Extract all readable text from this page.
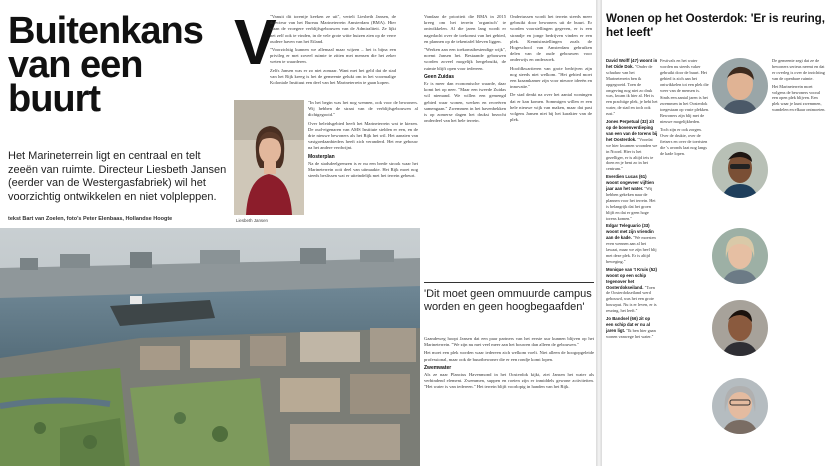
Buitenkans van een buurt
Het Marineterrein ligt en centraal en telt zeeën van ruimte. Directeur Liesbeth Jansen (eerder van de Westergasfabriek) wil het voorzichtig ontwikkelen en niet volpleppen.
tekst Bart van Zoelen, foto's Peter Elenbaas, Hollandse Hoogte
V

"Vanuit dit torentje keeken ze uit", vertelt Liesbeth Jansen, de directeur van het Bureau Marineterrein Amsterdam (BMA). Hier staan de vroegere verblijfsgebouwen van de Admiraliteit. Ze lijkt het zelf ook te vinden, in de vele grote witte huizen zien op de verre oudere haven van het Eiland.

"Voorzichtig kunnen we allemaal maar wijzen – het is bijna een privileg er met zoveel ruimte te zitten met mensen die het zeker weten te waarderen.

Zelfs Jansen was er zo niet zomaar. Want met het geld dat de stad van het Rijk kreeg is het de gemeente gelukt om in het voormalige Koloniale Instituut een deel van het Marineterrein te gaan kopen.

Liesbeth Jansen

"In het begin was het nog wennen, ook voor de bewoners. Wij hebben de straat van de verblijfsgebouwen al dichtgegooid."

Over beleidsgebied heeft het Marineterrein wat te kiezen. De oud-eigenaren van AMS Institute stelden er een, en de drie nieuwe bewoners als het Rijk het wil. Het aanzien van vastgoedaanbieders heeft zich veranderd. Het ene gebouw na het andere verdwijnt.

Mosterplan

Na de stadsdeelgrenzen is er nu een brede strook waar het Marineterrein ooit deel van uitmaakte. Het Rijk moet nog steeds beslissen wat er uiteindelijk met het terrein gebeurt.

Vandaar de prioriteit die BMA in 2015 kreeg om het terrein 'organisch' te ontwikkelen. Al die jaren lang wordt er nagedacht over de toekomst van het gebied, en plannen op de tekentafel bleven liggen.

"Werken aan een toekomstbestendige wijk", noemt Jansen het. Bestaande gebouwen worden zoveel mogelijk hergebruikt, de ruimte blijft open voor iedereen.

Geen Zuidas

Er is meer dan economische waarde, daar komt het op neer. "Maar een tweede Zuidas wil niemand. We willen een gemengd gebied waar wonen, werken en recreëren samengaan." Zwemmen in het havenbekken is op zomerse dagen het drukst bezocht onderdeel van het hele terrein.

Ondertussen wordt het terrein steeds meer gebruikt door bewoners uit de buurt. Er worden voorstellingen gegeven, er is een strandje en jonge bedrijven vinden er een plek. Kennisinstellingen zoals de Hogeschool van Amsterdam gebruiken delen van de oude gebouwen voor onderwijs en onderzoek.

Hoofdkwartieren van grote bedrijven zijn nog steeds niet welkom. "Het gebied moet een kraamkamer zijn voor nieuwe ideeën en innovatie."

De stad denkt na over het aantal woningen dat er kan komen. Sommigen willen er een hele nieuwe wijk van maken, maar dat past volgens Jansen niet bij het karakter van de plek.

'Dit moet geen ommuurde campus worden en geen hoogbegaafden'

Gaandeweg hoopt Jansen dat een paar partners van het eerste uur kunnen blijven op het Marineterrein. "We zijn nu met veel meer aan het bouwen dan alleen de gebouwen."

Het moet een plek worden waar iedereen zich welkom voelt. Niet alleen de hoogopgeleide professional, maar ook de buurtbewoner die er een rondje komt lopen.

Zwemwater

Als ze naar Plancius Havenmond in het Oosterdok kijkt, ziet Jansen het water als verbindend element. Zwemmen, suppen en roeien zijn er inmiddels gewone activiteiten. "Het water is van iedereen." Het terrein blijft voorlopig in handen van het Rijk.

Wonen op het Oosterdok: 'Er is reuring, het leeft'

David Wolff (47) woont in het Oide Dok. "Onder de schaduw van het Marineterrein ben ik opgegroeid. Toen de omgeving nog niet zo druk was, kwam ik hier al. Het is een prachtige plek, je hebt het water, de stad en toch ook rust."

Jones Perpetual (32) zit op de bovenverdieping van een van de torens bij het Oosterdok. "Voordat we hier kwamen woonden we in Noord. Hier is het gezelliger, er is altijd iets te doen en je bent zo in het centrum."

Everdien Lucas (61) woont ongeveer vijftien jaar aan het water. "Wij hebben gekeken naar de plannen voor het terrein. Het is belangrijk dat het groen blijft en dat er geen hoge torens komen."

Edgar Teleguario (33) woont met zijn vriendin aan de kade. "We moesten even wennen aan al het lawaai, maar we zijn heel blij met deze plek. Er is altijd beweging."

Monique van 't Kruis (52) woont op een schip tegenover het Oosterdokseiland. "Toen de Oosterdokseiland werd gebouwd, was het een grote bouwput. Nu is er leven, er is reuring, het leeft."

Jo Bandsel (66) zit op een schip dat er nu al jaren ligt. "Ik ben hier gaan wonen vanwege het water."

Festivals en het water worden nu steeds vaker gebruikt door de buurt. Het gebied is zich aan het ontwikkelen tot een plek die weer van de mensen is.

Sinds een aantal jaren is het zwemmen in het Oosterdok toegestaan op vaste plekken. Bewoners zijn blij met de nieuwe mogelijkheden.

Toch zijn er ook zorgen. Over de drukte, over de fietsers en over de toeristen die 's avonds laat nog langs de kade lopen.

De gemeente zegt dat ze de bewoners serieus neemt en dat er overleg is over de inrichting van de openbare ruimte.

Het Marineterrein moet volgens de bewoners vooral een open plek blijven. Een plek waar je kunt zwemmen, wandelen en elkaar ontmoeten.
